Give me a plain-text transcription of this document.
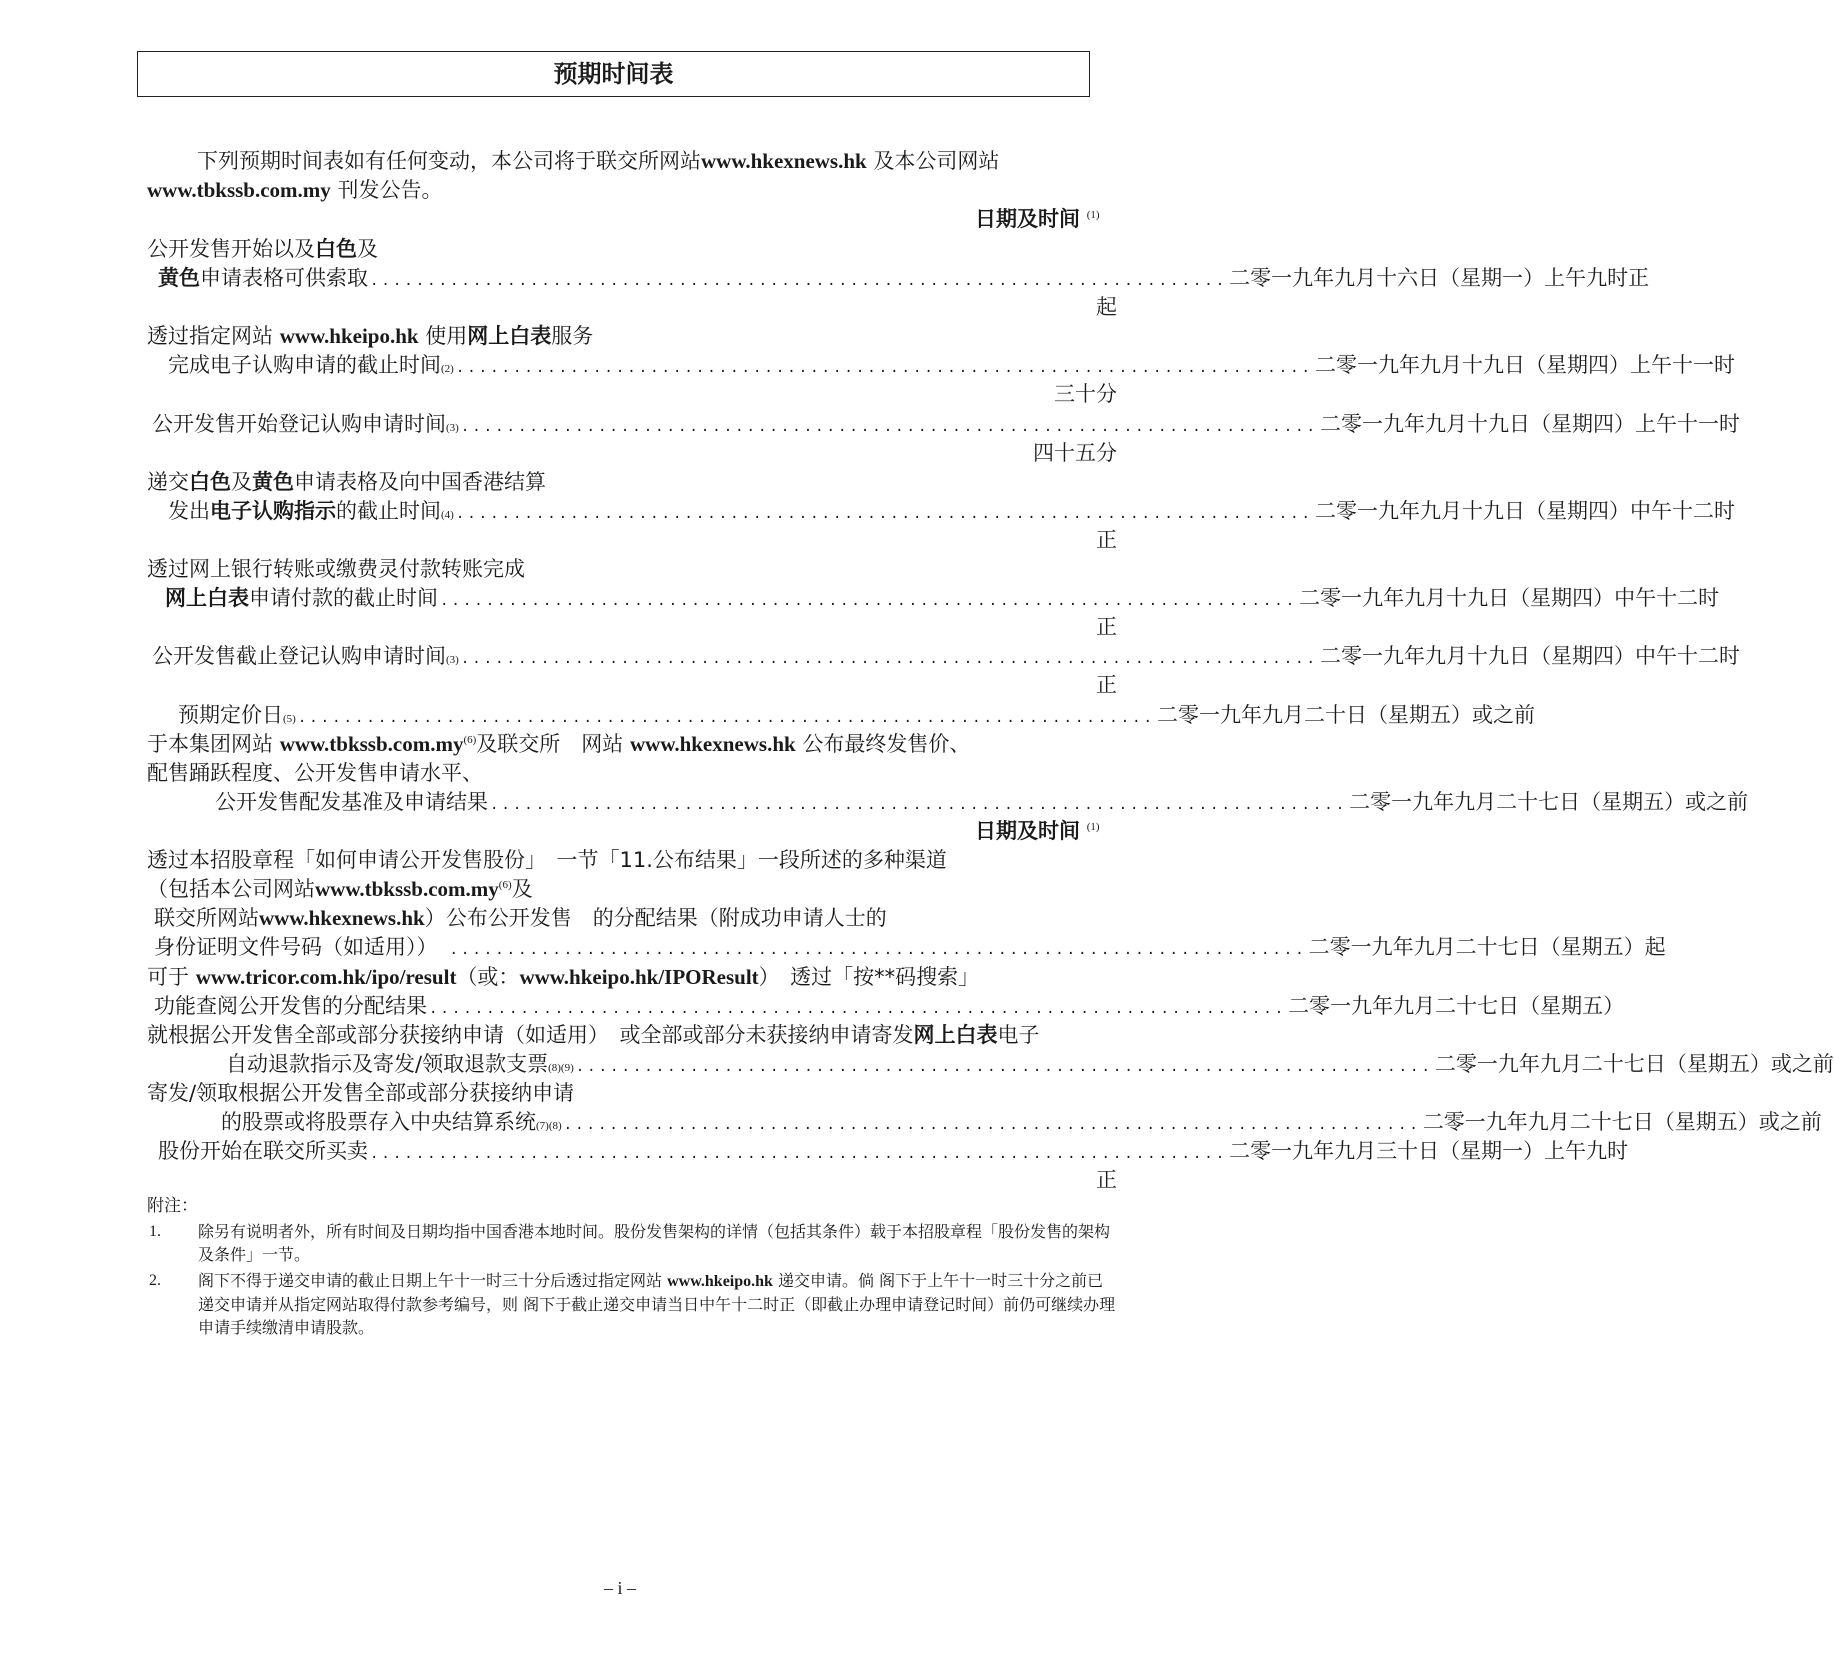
预期时间表
下列预期时间表如有任何变动，本公司将于联交所网站www.hkexnews.hk 及本公司网站
www.tbkssb.com.my 刊发公告。
日期及时间 $^{(1)}$
公开发售开始以及白色及
黄色 申请表格可供索取 ........................................................................... 二零一九年九月十六日（星期一）上午九时正
起
透过指定网站 www.hkeipo.hk 使用网上白表服务
完成电子认购申请的截止时间 (2) ........................................................................... 二零一九年九月十九日（星期四）上午十一时
三十分
公开发售开始登记认购申请时间 (3) ........................................................................... 二零一九年九月十九日（星期四）上午十一时
四十五分
递交白色及黄色申请表格及向中国香港结算
发出 电子认购指示 的截止时间 (4) ........................................................................... 二零一九年九月十九日（星期四）中午十二时
正
透过网上银行转账或缴费灵付款转账完成
网上白表 申请付款的截止时间 ........................................................................... 二零一九年九月十九日（星期四）中午十二时
正
公开发售截止登记认购申请时间 (3) ........................................................................... 二零一九年九月十九日（星期四）中午十二时
正
预期定价日 (5) ........................................................................... 二零一九年九月二十日（星期五）或之前
于本集团网站 www.tbkssb.com.my$^{(6)}$及联交所　网站 www.hkexnews.hk 公布最终发售价、
配售踊跃程度、公开发售申请水平、
公开发售配发基准及申请结果 ........................................................................... 二零一九年九月二十七日（星期五）或之前
日期及时间 $^{(1)}$
透过本招股章程「如何申请公开发售股份」　一节「11.公布结果」一段所述的多种渠道
（包括本公司网站www.tbkssb.com.my$^{(6)}$及
联交所网站www.hkexnews.hk）公布公开发售　的分配结果（附成功申请人士的
身份证明文件号码（如适用）） ........................................................................... 二零一九年九月二十七日（星期五）起
可于 www.tricor.com.hk/ipo/result（或：www.hkeipo.hk/IPOResult）　透过「按**码搜索」
功能查阅公开发售的分配结果 ........................................................................... 二零一九年九月二十七日（星期五）
就根据公开发售全部或部分获接纳申请（如适用）　或全部或部分未获接纳申请寄发网上白表电子
自动退款指示及寄发∕领取退款支票 (8)(9) ........................................................................... 二零一九年九月二十七日（星期五）或之前
寄发∕领取根据公开发售全部或部分获接纳申请
的股票或将股票存入中央结算系统 (7)(8) ........................................................................... 二零一九年九月二十七日（星期五）或之前
股份开始在联交所买卖 ........................................................................... 二零一九年九月三十日（星期一）上午九时
正
附注：
1. 除另有说明者外，所有时间及日期均指中国香港本地时间。股份发售架构的详情（包括其条件）载于本招股章程「股份发售的架构及条件」一节。
2. 阁下不得于递交申请的截止日期上午十一时三十分后透过指定网站 www.hkeipo.hk 递交申请。倘 阁下于上午十一时三十分之前已递交申请并从指定网站取得付款参考编号，则 阁下于截止递交申请当日中午十二时正（即截止办理申请登记时间）前仍可继续办理申请手续缴清申请股款。
– i –
